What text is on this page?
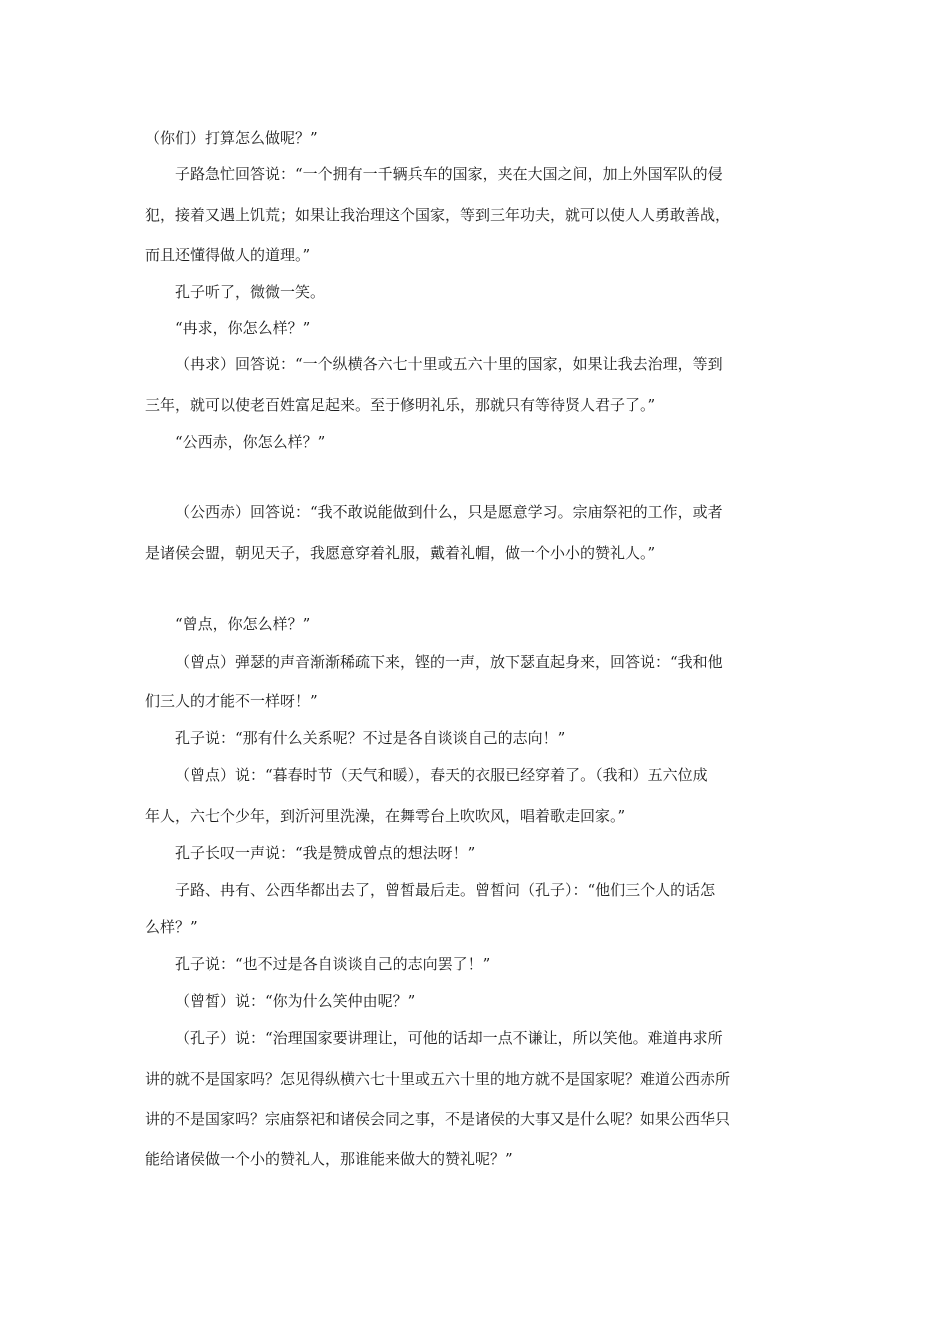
（你们）打算怎么做呢？”
子路急忙回答说：“一个拥有一千辆兵车的国家，夹在大国之间，加上外国军队的侵
犯，接着又遇上饥荒；如果让我治理这个国家，等到三年功夫，就可以使人人勇敢善战，
而且还懂得做人的道理。”
孔子听了，微微一笑。
“冉求，你怎么样？”
（冉求）回答说：“一个纵横各六七十里或五六十里的国家，如果让我去治理，等到
三年，就可以使老百姓富足起来。至于修明礼乐，那就只有等待贤人君子了。”
“公西赤，你怎么样？”
（公西赤）回答说：“我不敢说能做到什么，只是愿意学习。宗庙祭祀的工作，或者
是诸侯会盟，朝见天子，我愿意穿着礼服，戴着礼帽，做一个小小的赞礼人。”
“曾点，你怎么样？”
（曾点）弹瑟的声音渐渐稀疏下来，铿的一声，放下瑟直起身来，回答说：“我和他
们三人的才能不一样呀！”
孔子说：“那有什么关系呢？不过是各自谈谈自己的志向！”
（曾点）说：“暮春时节（天气和暖），春天的衣服已经穿着了。（我和）五六位成
年人，六七个少年，到沂河里洗澡，在舞雩台上吹吹风，唱着歌走回家。”
孔子长叹一声说：“我是赞成曾点的想法呀！”
子路、冉有、公西华都出去了，曾皙最后走。曾皙问（孔子）：“他们三个人的话怎
么样？”
孔子说：“也不过是各自谈谈自己的志向罢了！”
（曾皙）说：“你为什么笑仲由呢？”
（孔子）说：“治理国家要讲理让，可他的话却一点不谦让，所以笑他。难道冉求所
讲的就不是国家吗？怎见得纵横六七十里或五六十里的地方就不是国家呢？难道公西赤所
讲的不是国家吗？宗庙祭祀和诸侯会同之事，不是诸侯的大事又是什么呢？如果公西华只
能给诸侯做一个小的赞礼人，那谁能来做大的赞礼呢？”
